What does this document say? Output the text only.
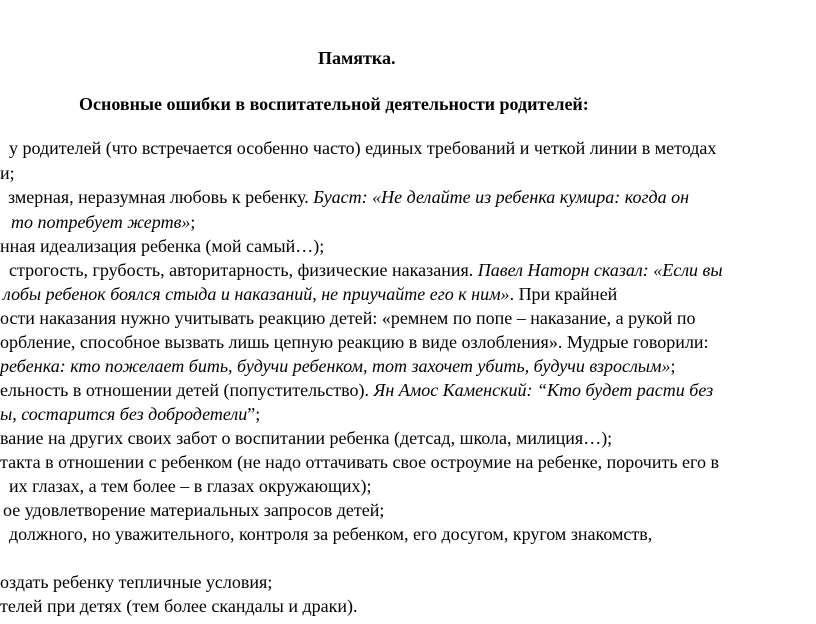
Памятка.
Основные ошибки в воспитательной деятельности родителей:
у родителей (что встречается особенно часто) единых требований и четкой линии в методах
и;
змерная, неразумная любовь к ребенку. Буаст: «Не делайте из ребенка кумира: когда он
то потребует жертв»;
нная идеализация ребенка (мой самый…);
строгость, грубость, авторитарность, физические наказания. Павел Наторн сказал: «Если вы
лобы ребенок боялся стыда и наказаний, не приучайте его к ним». При крайней
ости наказания нужно учитывать реакцию детей: «ремнем по попе – наказание, а рукой по
орбление, способное вызвать лишь цепную реакцию в виде озлобления». Мудрые говорили:
ребенка: кто пожелает бить, будучи ребенком, тот захочет убить, будучи взрослым»;
ельность в отношении детей (попустительство). Ян Амос Каменский: “Кто будет расти без
ы, состарится без добродетели”;
вание на других своих забот о воспитании ребенка (детсад, школа, милиция…);
такта в отношении с ребенком (не надо оттачивать свое остроумие на ребенке, порочить его в
их глазах, а тем более – в глазах окружающих);
ое удовлетворение материальных запросов детей;
должного, но уважительного, контроля за ребенком, его досугом, кругом знакомств,
оздать ребенку тепличные условия;
телей при детях (тем более скандалы и драки).
